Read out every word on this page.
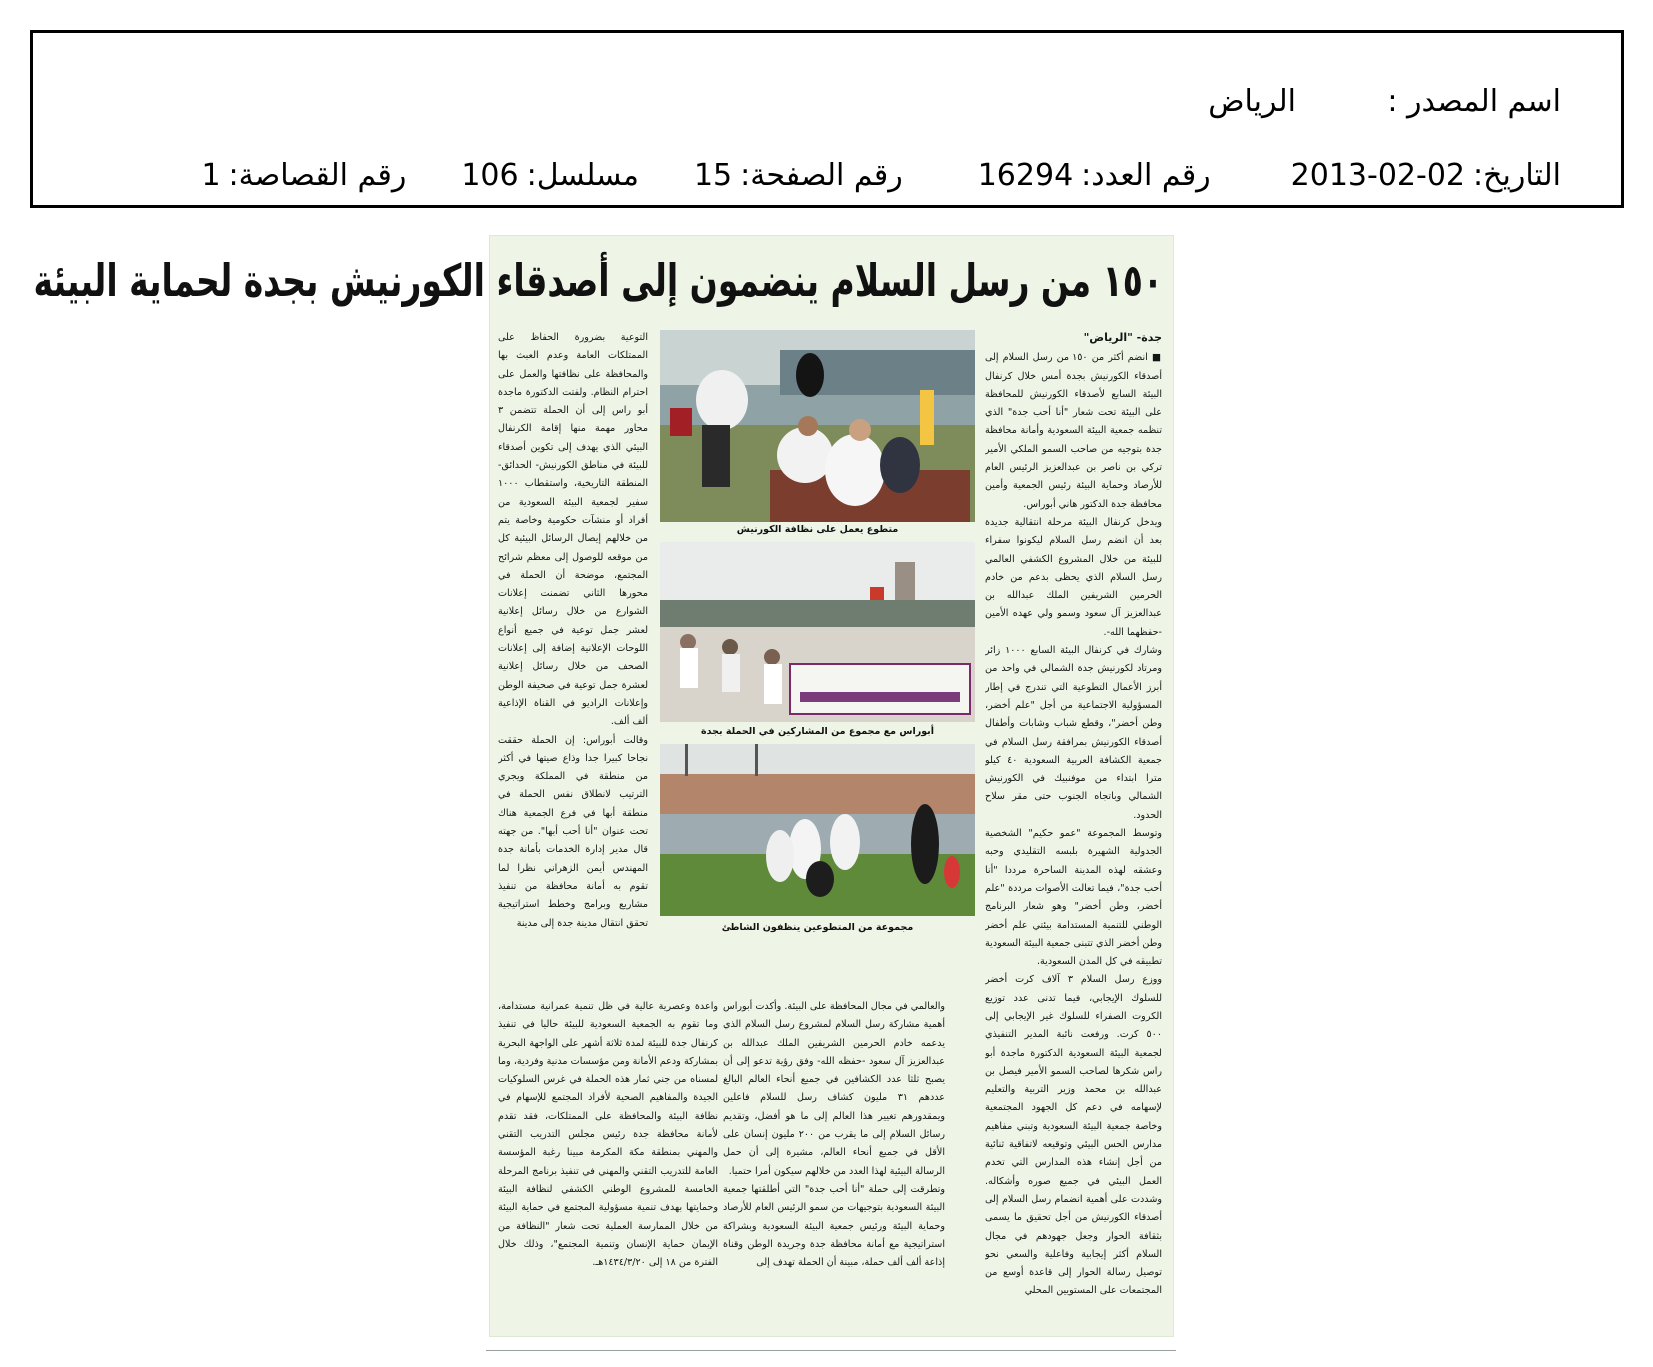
اسم المصدر :
الرياض
التاريخ:
2013-02-02
رقم العدد:
16294
رقم الصفحة:
15
مسلسل:
106
رقم القصاصة:
1
١٥٠ من رسل السلام ينضمون إلى أصدقاء الكورنيش بجدة لحماية البيئة
جدة- "الرياض"

■ انضم أكثر من ١٥٠ من رسل السلام إلى أصدقاء الكورنيش بجدة أمس خلال كرنفال البيئة السابع لأصدقاء الكورنيش للمحافظة على البيئة تحت شعار "أنا أحب جدة" الذي تنظمه جمعية البيئة السعودية وأمانة محافظة جدة بتوجيه من صاحب السمو الملكي الأمير تركي بن ناصر بن عبدالعزيز الرئيس العام للأرصاد وحماية البيئة رئيس الجمعية وأمين محافظة جدة الدكتور هاني أبوراس.

ويدخل كرنفال البيئة مرحلة انتقالية جديدة بعد أن انضم رسل السلام ليكونوا سفراء للبيئة من خلال المشروع الكشفي العالمي رسل السلام الذي يحظى بدعم من خادم الحرمين الشريفين الملك عبدالله بن عبدالعزيز آل سعود وسمو ولي عهده الأمين -حفظهما الله-.

وشارك في كرنفال البيئة السابع ١٠٠٠ زائر ومرتاد لكورنيش جدة الشمالي في واحد من أبرز الأعمال التطوعية التي تندرج في إطار المسؤولية الاجتماعية من أجل "علم أخضر، وطن أخضر"، وقطع شباب وشابات وأطفال أصدقاء الكورنيش بمرافقة رسل السلام في جمعية الكشافة العربية السعودية ٤٠ كيلو مترا ابتداء من موفنبيك في الكورنيش الشمالي وباتجاه الجنوب حتى مقر سلاح الحدود.

وتوسط المجموعة "عمو حكيم" الشخصية الجدولية الشهيرة بلبسه التقليدي وحبه وعشقه لهذه المدينة الساحرة مرددا "أنا أحب جدة"، فيما تعالت الأصوات مرددة "علم أخضر، وطن أخضر" وهو شعار البرنامج الوطني للتنمية المستدامة بيئتي علم أخضر وطن أخضر الذي تتبنى جمعية البيئة السعودية تطبيقه في كل المدن السعودية.

ووزع رسل السلام ٣ آلاف كرت أخضر للسلوك الإيجابي، فيما تدنى عدد توزيع الكروت الصفراء للسلوك غير الإيجابي إلى ٥٠٠ كرت. ورفعت نائبة المدير التنفيذي لجمعية البيئة السعودية الدكتورة ماجدة أبو راس شكرها لصاحب السمو الأمير فيصل بن عبدالله بن محمد وزير التربية والتعليم لإسهامه في دعم كل الجهود المجتمعية وخاصة جمعية البيئة السعودية وتبني مفاهيم مدارس الحس البيئي وتوقيعه لاتفاقية ثنائية من أجل إنشاء هذه المدارس التي تخدم العمل البيئي في جميع صوره وأشكاله. وشددت على أهمية انضمام رسل السلام إلى أصدقاء الكورنيش من أجل تحقيق ما يسمى بثقافة الحوار وجعل جهودهم في مجال السلام أكثر إيجابية وفاعلية والسعي نحو توصيل رسالة الحوار إلى قاعدة أوسع من المجتمعات على المستويين المحلي

التوعية بضرورة الحفاظ على الممتلكات العامة وعدم العبث بها والمحافظة على نظافتها والعمل على احترام النظام. ولفتت الدكتورة ماجدة أبو راس إلى أن الحملة تتضمن ٣ محاور مهمة منها إقامة الكرنفال البيئي الذي يهدف إلى تكوين أصدقاء للبيئة في مناطق الكورنيش- الحدائق- المنطقة التاريخية، واستقطاب ١٠٠٠ سفير لجمعية البيئة السعودية من أفراد أو منشآت حكومية وخاصة يتم من خلالهم إيصال الرسائل البيئية كل من موقعه للوصول إلى معظم شرائح المجتمع، موضحة أن الحملة في محورها الثاني تضمنت إعلانات الشوارع من خلال رسائل إعلانية لعشر جمل توعية في جميع أنواع اللوحات الإعلانية إضافة إلى إعلانات الصحف من خلال رسائل إعلانية لعشرة جمل توعية في صحيفة الوطن وإعلانات الراديو في القناة الإذاعية ألف ألف.

وقالت أبوراس: إن الحملة حققت نجاحا كبيرا جدا وذاع صيتها في أكثر من منطقة في المملكة ويجري الترتيب لانطلاق نفس الحملة في منطقة أبها في فرع الجمعية هناك تحت عنوان "أنا أحب أبها". من جهته قال مدير إدارة الخدمات بأمانة جدة المهندس أيمن الزهراني نظرا لما تقوم به أمانة محافظة من تنفيذ مشاريع وبرامج وخطط استراتيجية تحقق انتقال مدينة جدة إلى مدينة

متطوع يعمل على نظافة الكورنيش
أبوراس مع مجموع من المشاركين في الحملة بجدة
مجموعة من المتطوعين ينظفون الشاطئ

والعالمي في مجال المحافظة على البيئة. وأكدت أبوراس أهمية مشاركة رسل السلام لمشروع رسل السلام الذي يدعمه خادم الحرمين الشريفين الملك عبدالله بن عبدالعزيز آل سعود -حفظه الله- وفق رؤية تدعو إلى أن يصبح ثلثا عدد الكشافين في جميع أنحاء العالم البالغ عددهم ٣١ مليون كشاف رسل للسلام فاعلين ويمقدورهم تغيير هذا العالم إلى ما هو أفضل، وتقديم رسائل السلام إلى ما يقرب من ٢٠٠ مليون إنسان على الأقل في جميع أنحاء العالم، مشيرة إلى أن حمل الرسالة البيئية لهذا العدد من خلالهم سيكون أمرا حتميا.

وتطرقت إلى حملة "أنا أحب جدة" التي أطلقتها جمعية البيئة السعودية بتوجيهات من سمو الرئيس العام للأرصاد وحماية البيئة ورئيس جمعية البيئة السعودية وبشراكة استراتيجية مع أمانة محافظة جدة وجريدة الوطن وقناة إذاعة ألف ألف حملة، مبينة أن الحملة تهدف إلى

واعدة وعصرية عالية في ظل تنمية عمرانية مستدامة، وما تقوم به الجمعية السعودية للبيئة حاليا في تنفيذ كرنفال جدة للبيئة لمدة ثلاثة أشهر على الواجهة البحرية بمشاركة ودعم الأمانة ومن مؤسسات مدنية وفردية، وما لمسناه من جني ثمار هذه الحملة في غرس السلوكيات الجيدة والمفاهيم الصحية لأفراد المجتمع للإسهام في نظافة البيئة والمحافظة على الممتلكات، فقد تقدم لأمانة محافظة جدة رئيس مجلس التدريب التقني والمهني بمنطقة مكة المكرمة مبينا رغبة المؤسسة العامة للتدريب التقني والمهني في تنفيذ برنامج المرحلة الخامسة للمشروع الوطني الكشفي لنظافة البيئة وحمايتها بهدف تنمية مسؤولية المجتمع في حماية البيئة من خلال الممارسة العملية تحت شعار "النظافة من الإيمان حماية الإنسان وتنمية المجتمع"، وذلك خلال الفترة من ١٨ إلى ١٤٣٤/٣/٢٠هـ.
